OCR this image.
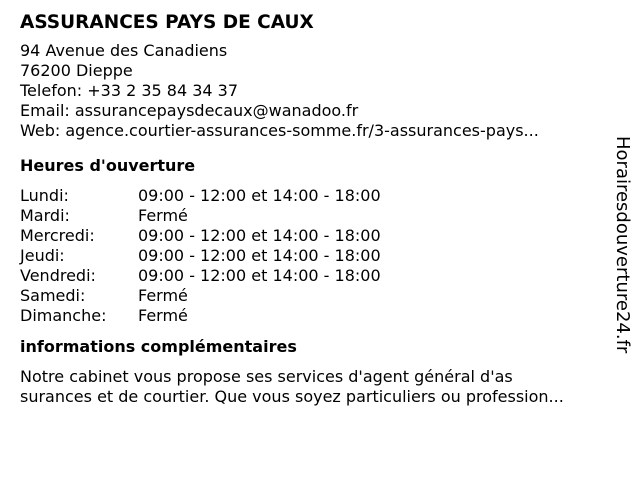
ASSURANCES PAYS DE CAUX
94 Avenue des Canadiens
76200 Dieppe
Telefon: +33 2 35 84 34 37
Email: assurancepaysdecaux@wanadoo.fr
Web: agence.courtier-assurances-somme.fr/3-assurances-pays...
Heures d'ouverture
Lundi:	09:00 - 12:00 et 14:00 - 18:00
Mardi:	Fermé
Mercredi:	09:00 - 12:00 et 14:00 - 18:00
Jeudi:	09:00 - 12:00 et 14:00 - 18:00
Vendredi:	09:00 - 12:00 et 14:00 - 18:00
Samedi:	Fermé
Dimanche: Fermé
informations complémentaires
Notre cabinet vous propose ses services d'agent général d'as
surances et de courtier. Que vous soyez particuliers ou profession...
Horairesdouverture24.fr
